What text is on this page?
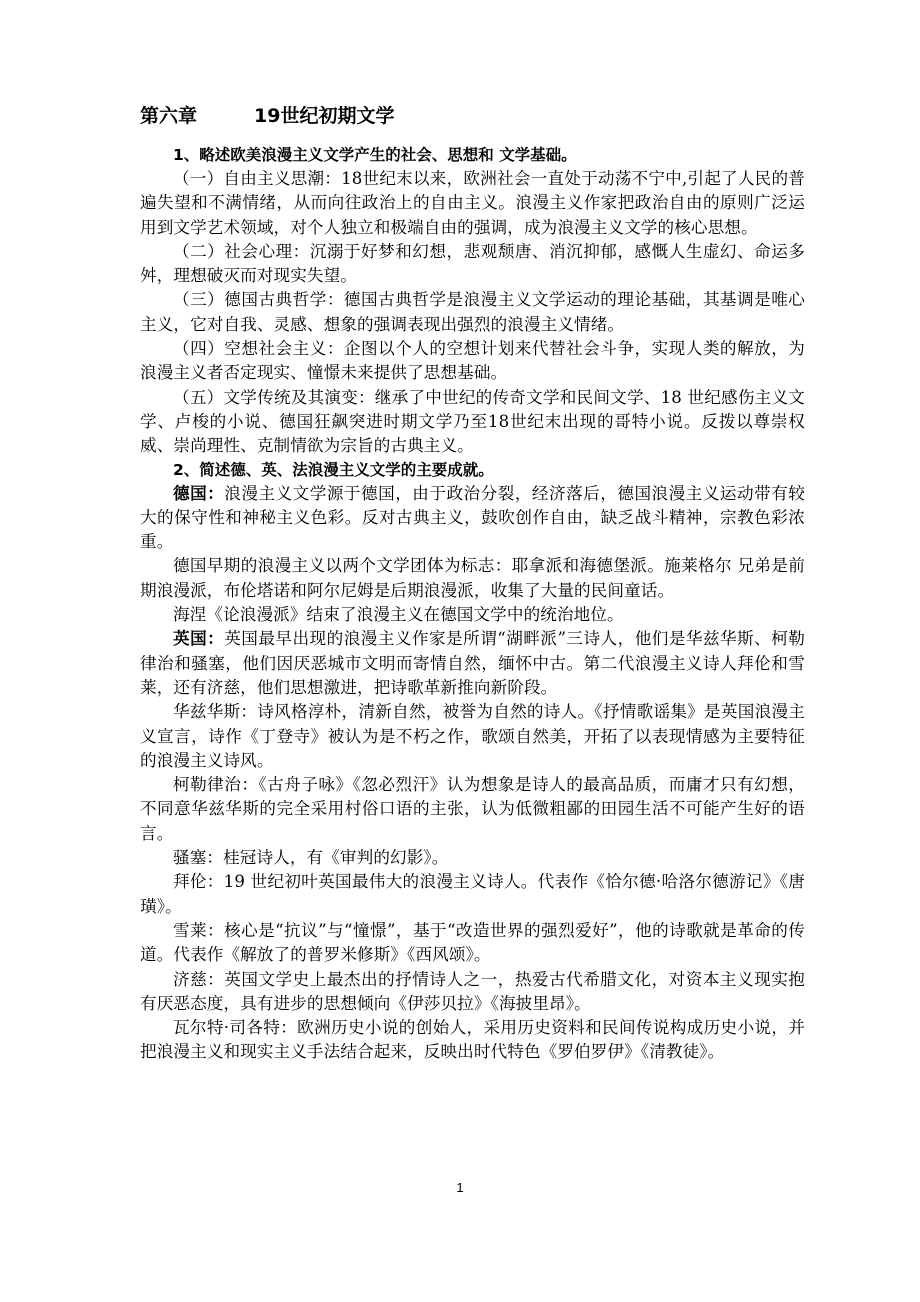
第六章　　　19世纪初期文学
1、略述欧美浪漫主义文学产生的社会、思想和 文学基础。

（一）自由主义思潮：18世纪末以来，欧洲社会一直处于动荡不宁中,引起了人民的普遍失望和不满情绪，从而向往政治上的自由主义。浪漫主义作家把政治自由的原则广泛运用到文学艺术领域，对个人独立和极端自由的强调，成为浪漫主义文学的核心思想。

（二）社会心理：沉溺于好梦和幻想，悲观颓唐、消沉抑郁，感慨人生虚幻、命运多舛，理想破灭而对现实失望。

（三）德国古典哲学：德国古典哲学是浪漫主义文学运动的理论基础，其基调是唯心主义，它对自我、灵感、想象的强调表现出强烈的浪漫主义情绪。

（四）空想社会主义：企图以个人的空想计划来代替社会斗争，实现人类的解放，为浪漫主义者否定现实、憧憬未来提供了思想基础。

（五）文学传统及其演变：继承了中世纪的传奇文学和民间文学、18 世纪感伤主义文学、卢梭的小说、德国狂飙突进时期文学乃至18世纪末出现的哥特小说。反拨以尊崇权威、崇尚理性、克制情欲为宗旨的古典主义。

2、简述德、英、法浪漫主义文学的主要成就。

德国：浪漫主义文学源于德国，由于政治分裂，经济落后，德国浪漫主义运动带有较大的保守性和神秘主义色彩。反对古典主义，鼓吹创作自由，缺乏战斗精神，宗教色彩浓重。

德国早期的浪漫主义以两个文学团体为标志：耶拿派和海德堡派。施莱格尔 兄弟是前期浪漫派，布伦塔诺和阿尔尼姆是后期浪漫派，收集了大量的民间童话。

海涅《论浪漫派》结束了浪漫主义在德国文学中的统治地位。

英国：英国最早出现的浪漫主义作家是所谓“湖畔派”三诗人，他们是华兹华斯、柯勒律治和骚塞，他们因厌恶城市文明而寄情自然，缅怀中古。第二代浪漫主义诗人拜伦和雪莱，还有济慈，他们思想激进，把诗歌革新推向新阶段。

华兹华斯：诗风格淳朴，清新自然，被誉为自然的诗人。《抒情歌谣集》是英国浪漫主义宣言，诗作《丁登寺》被认为是不朽之作，歌颂自然美，开拓了以表现情感为主要特征的浪漫主义诗风。

柯勒律治：《古舟子咏》《忽必烈汗》认为想象是诗人的最高品质，而庸才只有幻想，不同意华兹华斯的完全采用村俗口语的主张，认为低微粗鄙的田园生活不可能产生好的语言。

骚塞：桂冠诗人，有《审判的幻影》。

拜伦：19 世纪初叶英国最伟大的浪漫主义诗人。代表作《恰尔德·哈洛尔德游记》《唐璜》。

雪莱：核心是“抗议”与“憧憬”，基于“改造世界的强烈爱好”，他的诗歌就是革命的传道。代表作《解放了的普罗米修斯》《西风颂》。

济慈：英国文学史上最杰出的抒情诗人之一，热爱古代希腊文化，对资本主义现实抱有厌恶态度，具有进步的思想倾向《伊莎贝拉》《海披里昂》。

瓦尔特·司各特：欧洲历史小说的创始人，采用历史资料和民间传说构成历史小说，并把浪漫主义和现实主义手法结合起来，反映出时代特色《罗伯罗伊》《清教徒》。

1
